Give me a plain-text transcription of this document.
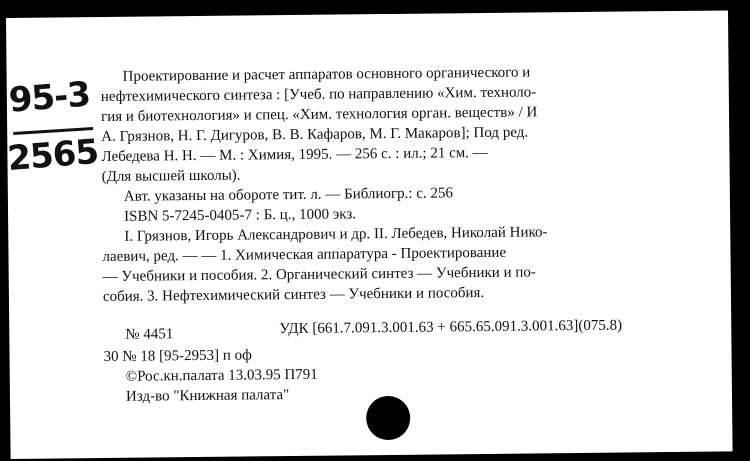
95-3
2565
Проектирование и расчет аппаратов основного органического и
нефтехимического синтеза : [Учеб. по направлению «Хим. техноло-
гия и биотехнология» и спец. «Хим. технология орган. веществ» / И
А. Грязнов, Н. Г. Дигуров, В. В. Кафаров, М. Г. Макаров]; Под ред.
Лебедева Н. Н. — М. : Химия, 1995. — 256 с. : ил.; 21 см. —
(Для высшей школы).
Авт. указаны на обороте тит. л. — Библиогр.: с. 256
ISBN 5-7245-0405-7 : Б. ц., 1000 экз.
I. Грязнов, Игорь Александрович и др. II. Лебедев, Николай Нико-
лаевич, ред. — — 1. Химическая аппаратура - Проектирование
— Учебники и пособия. 2. Органический синтез — Учебники и по-
собия. 3. Нефтехимический синтез — Учебники и пособия.
№ 4451	УДК [661.7.091.3.001.63 + 665.65.091.3.001.63](075.8)
30 № 18 [95-2953] п оф
©Рос.кн.палата 13.03.95 П791
Изд-во "Книжная палата"
